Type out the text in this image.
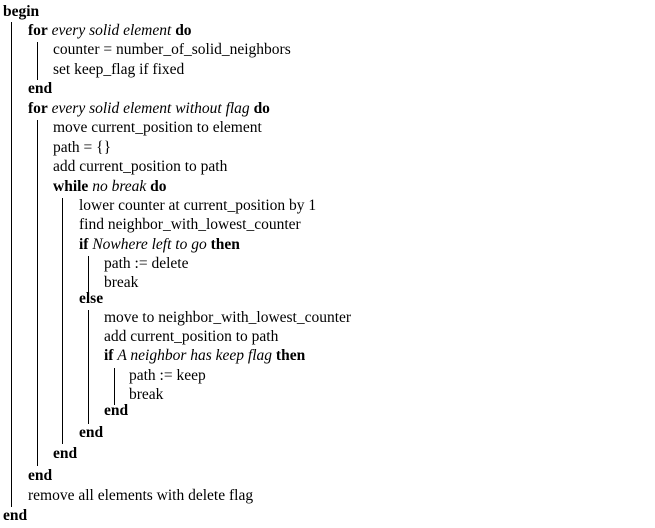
begin
for every solid element do
counter = number_of_solid_neighbors
set keep_flag if fixed
end
for every solid element without flag do
move current_position to element
path = {}
add current_position to path
while no break do
lower counter at current_position by 1
find neighbor_with_lowest_counter
if Nowhere left to go then
path := delete
break
else
move to neighbor_with_lowest_counter
add current_position to path
if A neighbor has keep flag then
path := keep
break
end
end
end
end
remove all elements with delete flag
end
